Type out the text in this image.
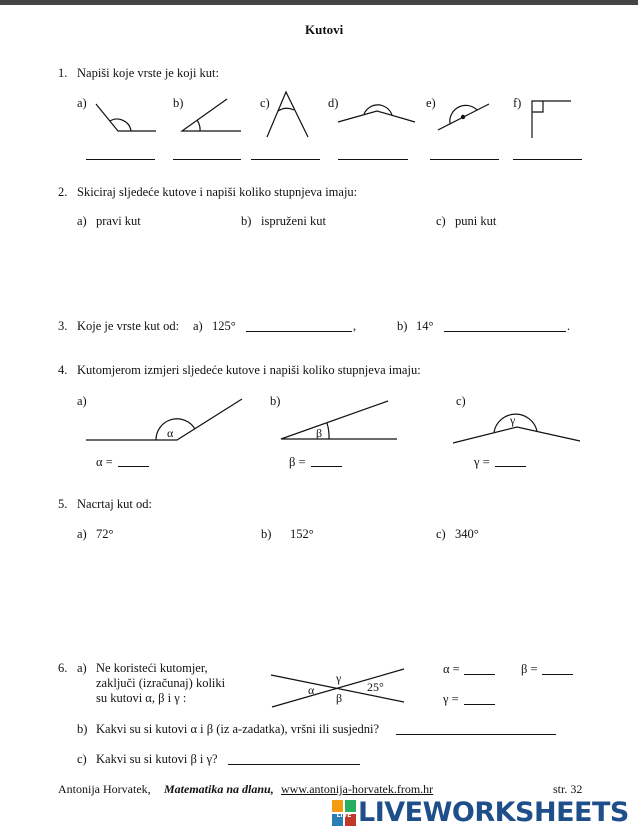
Kutovi
1. Napiši koje vrste je koji kut:
a)	b)	c)	d)	e)	f)
2. Skiciraj sljedeće kutove i napiši koliko stupnjeva imaju:
a) pravi kut	b) ispruženi kut	c) puni kut
3. Koje je vrste kut od: a) 125°	,	b) 14°	.
4. Kutomjerom izmjeri sljedeće kutove i napiši koliko stupnjeva imaju:
a)	b)	c)
α	β
γ
α =	β =	γ =
5. Nacrtaj kut od:
a) 72°	b) 152°	c) 340°
6. a) Ne koristeći kutomjer,
zaključi (izračunaj) koliki
su kutovi α, β i γ :
γ
α
β
25°
α =	β =
γ =
b) Kakvi su si kutovi α i β (iz a-zadatka), vršni ili susjedni?
c) Kakvi su si kutovi β i γ?
Antonija Horvatek, Matematika na dlanu, www.antonija-horvatek.from.hr	str. 32
LIVE LIVEWORKSHEETS
